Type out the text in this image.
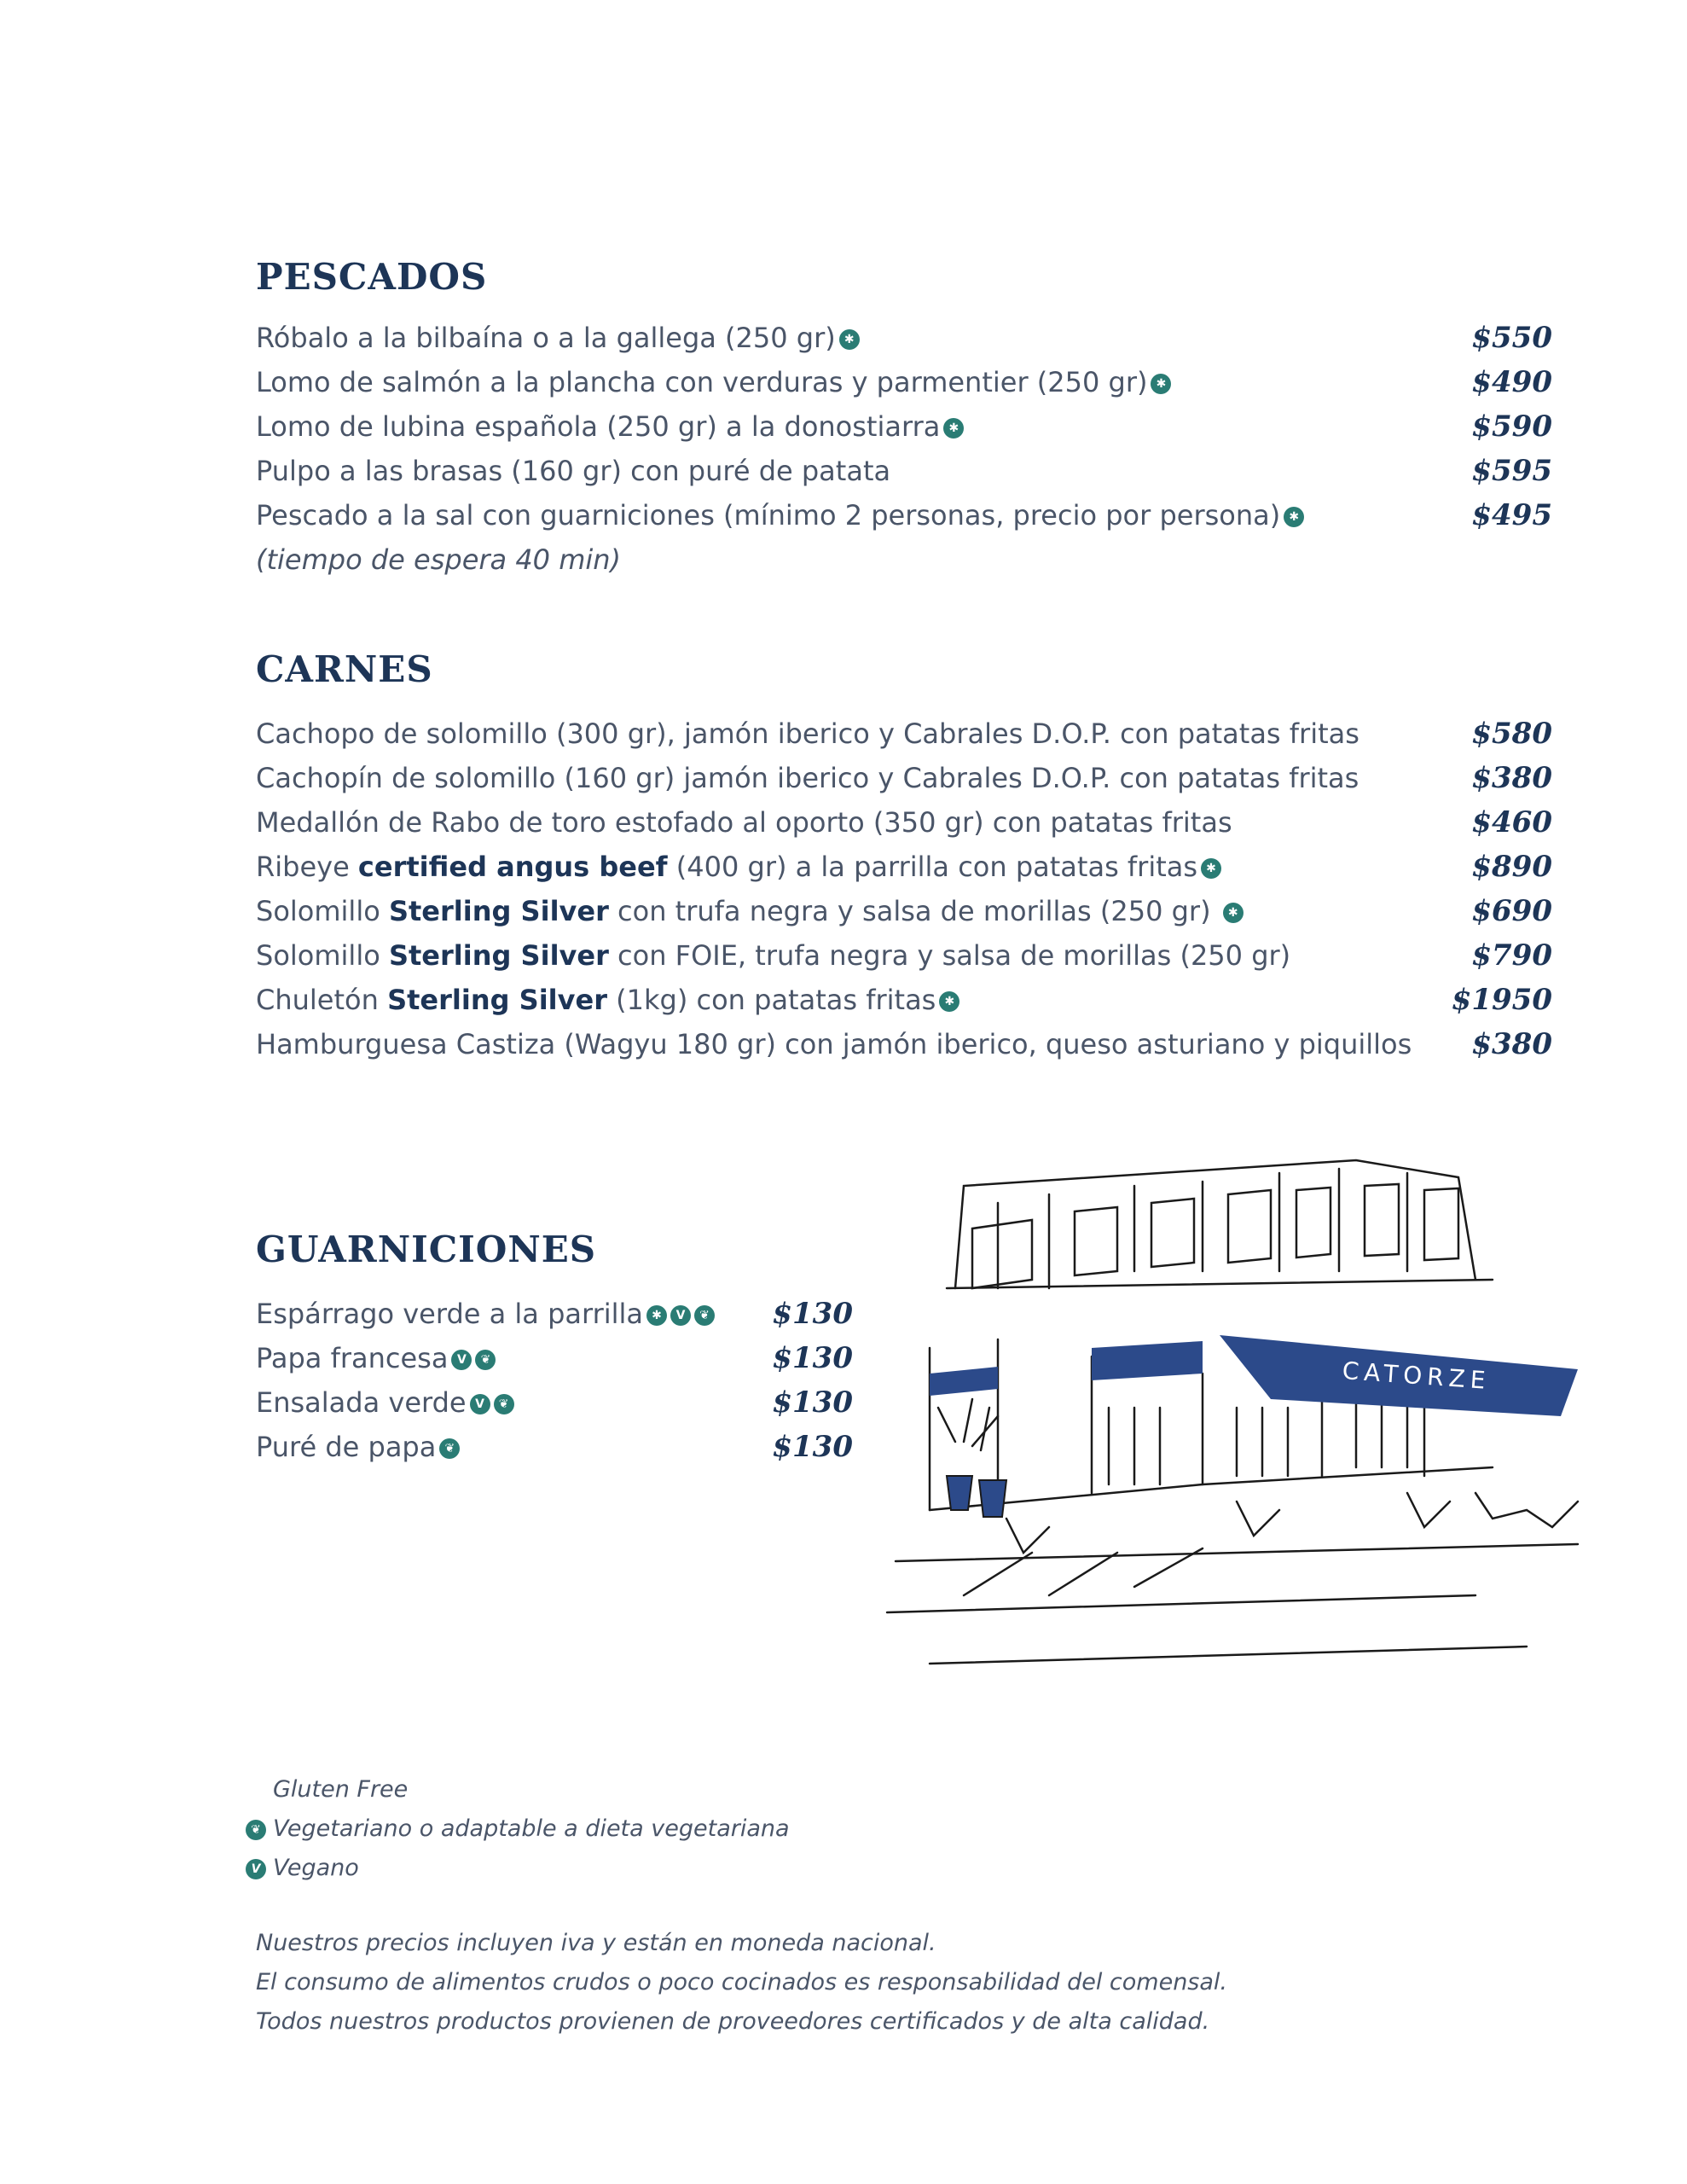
PESCADOS
Róbalo a la bilbaína o a la gallega (250 gr) ✱	$550
Lomo de salmón a la plancha con verduras y parmentier (250 gr) ✱	$490
Lomo de lubina española (250 gr) a la donostiarra ✱	$590
Pulpo a las brasas (160 gr) con puré de patata	$595
Pescado a la sal con guarniciones (mínimo 2 personas, precio por persona) ✱	$495
(tiempo de espera 40 min)
CARNES
Cachopo de solomillo (300 gr), jamón iberico y Cabrales D.O.P. con patatas fritas	$580
Cachopín de solomillo (160 gr) jamón iberico y Cabrales D.O.P. con patatas fritas	$380
Medallón de Rabo de toro estofado al oporto (350 gr) con patatas fritas	$460
Ribeye certified angus beef (400 gr) a la parrilla con patatas fritas ✱	$890
Solomillo Sterling Silver con trufa negra y salsa de morillas (250 gr) ✱	$690
Solomillo Sterling Silver con FOIE, trufa negra y salsa de morillas (250 gr)	$790
Chuletón Sterling Silver (1kg) con patatas fritas ✱	$1950
Hamburguesa Castiza (Wagyu 180 gr) con jamón iberico, queso asturiano y piquillos $380
GUARNICIONES
Espárrago verde a la parrilla ✱ V ❦ $130
Papa francesa V ❦	$130
Ensalada verde V ❦	$130
Puré de papa ❦	$130
CATORZE
Gluten Free
❦ Vegetariano o adaptable a dieta vegetariana
V Vegano
Nuestros precios incluyen iva y están en moneda nacional.
El consumo de alimentos crudos o poco cocinados es responsabilidad del comensal.
Todos nuestros productos provienen de proveedores certificados y de alta calidad.
